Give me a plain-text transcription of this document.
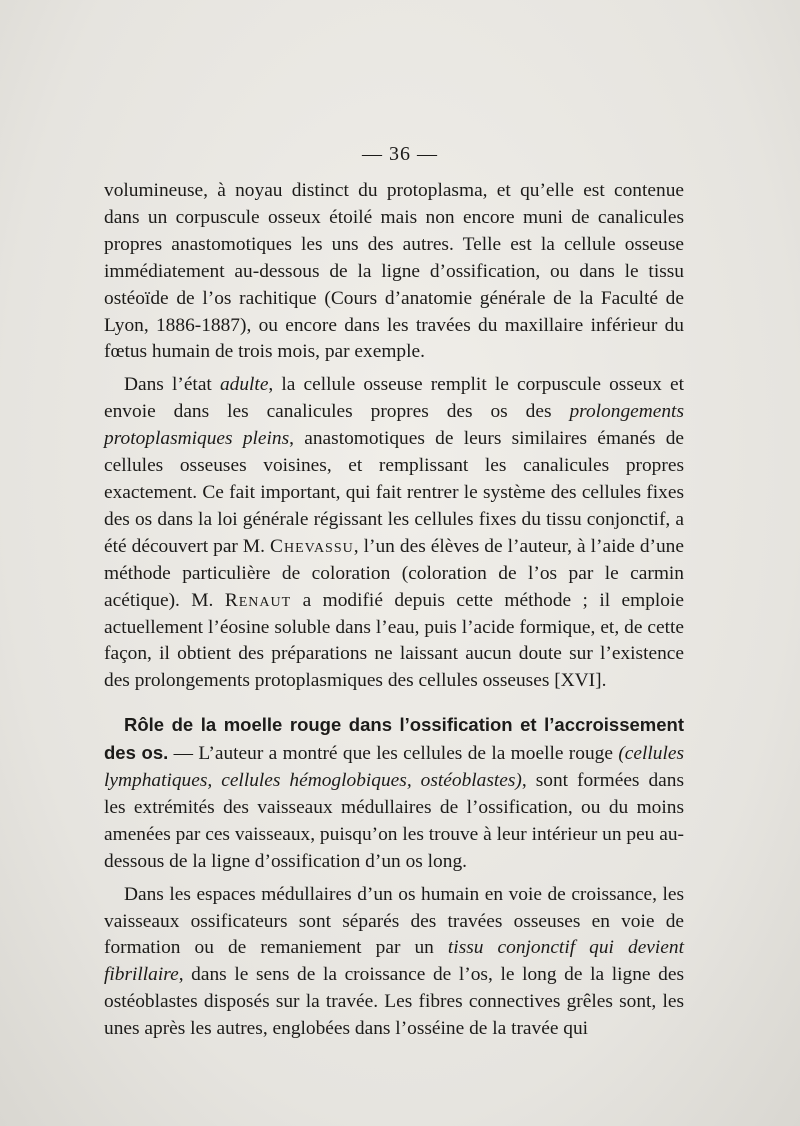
— 36 —

volumineuse, à noyau distinct du protoplasma, et qu’elle est contenue dans un corpuscule osseux étoilé mais non encore muni de canalicules propres anastomotiques les uns des autres. Telle est la cellule osseuse immédiatement au-dessous de la ligne d’ossification, ou dans le tissu ostéoïde de l’os rachitique (Cours d’anatomie générale de la Faculté de Lyon, 1886-1887), ou encore dans les travées du maxillaire inférieur du fœtus humain de trois mois, par exemple.

Dans l’état adulte, la cellule osseuse remplit le corpuscule osseux et envoie dans les canalicules propres des os des prolongements protoplasmiques pleins, anastomotiques de leurs similaires émanés de cellules osseuses voisines, et remplissant les canalicules propres exactement. Ce fait important, qui fait rentrer le système des cellules fixes des os dans la loi générale régissant les cellules fixes du tissu conjonctif, a été découvert par M. Chevassu, l’un des élèves de l’auteur, à l’aide d’une méthode particulière de coloration (coloration de l’os par le carmin acétique). M. Renaut a modifié depuis cette méthode ; il emploie actuellement l’éosine soluble dans l’eau, puis l’acide formique, et, de cette façon, il obtient des préparations ne laissant aucun doute sur l’existence des prolongements protoplasmiques des cellules osseuses [XVI].

Rôle de la moelle rouge dans l’ossification et l’accroissement des os. — L’auteur a montré que les cellules de la moelle rouge (cellules lymphatiques, cellules hémoglobiques, ostéoblastes), sont formées dans les extrémités des vaisseaux médullaires de l’ossification, ou du moins amenées par ces vaisseaux, puisqu’on les trouve à leur intérieur un peu au-dessous de la ligne d’ossification d’un os long.

Dans les espaces médullaires d’un os humain en voie de croissance, les vaisseaux ossificateurs sont séparés des travées osseuses en voie de formation ou de remaniement par un tissu conjonctif qui devient fibrillaire, dans le sens de la croissance de l’os, le long de la ligne des ostéoblastes disposés sur la travée. Les fibres connectives grêles sont, les unes après les autres, englobées dans l’osséine de la travée qui
